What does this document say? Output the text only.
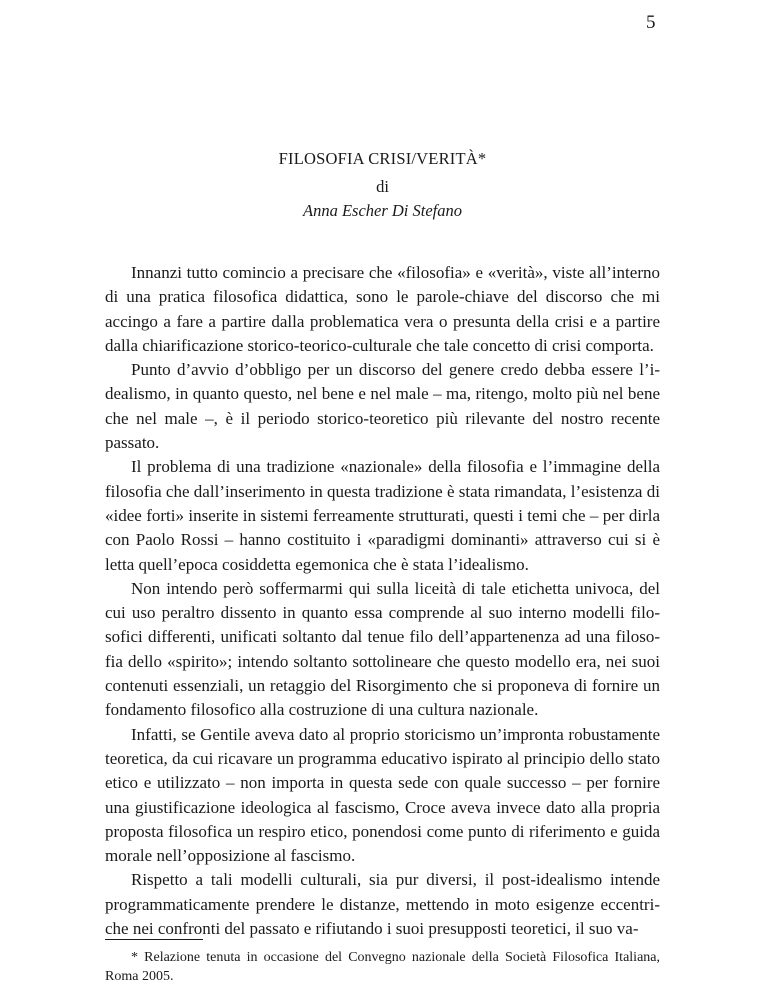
5
FILOSOFIA CRISI/VERITÀ*
di
Anna Escher Di Stefano

Innanzi tutto comincio a precisare che «filosofia» e «verità», viste all’interno di una pratica filosofica didattica, sono le parole-chiave del discorso che mi accingo a fare a partire dalla problematica vera o presunta della crisi e a partire dalla chiarificazione storico-teorico-culturale che tale concetto di crisi comporta.

Punto d’avvio d’obbligo per un discorso del genere credo debba essere l’idealismo, in quanto questo, nel bene e nel male – ma, ritengo, molto più nel bene che nel male –, è il periodo storico-teoretico più rilevante del nostro recente passato.

Il problema di una tradizione «nazionale» della filosofia e l’immagine della filosofia che dall’inserimento in questa tradizione è stata rimandata, l’esistenza di «idee forti» inserite in sistemi ferreamente strutturati, questi i temi che – per dirla con Paolo Rossi – hanno costituito i «paradigmi dominanti» attraverso cui si è letta quell’epoca cosiddetta egemonica che è stata l’idealismo.

Non intendo però soffermarmi qui sulla liceità di tale etichetta univoca, del cui uso peraltro dissento in quanto essa comprende al suo interno modelli filosofici differenti, unificati soltanto dal tenue filo dell’appartenenza ad una filosofia dello «spirito»; intendo soltanto sottolineare che questo modello era, nei suoi contenuti essenziali, un retaggio del Risorgimento che si proponeva di fornire un fondamento filosofico alla costruzione di una cultura nazionale.

Infatti, se Gentile aveva dato al proprio storicismo un’impronta robustamente teoretica, da cui ricavare un programma educativo ispirato al principio dello stato etico e utilizzato – non importa in questa sede con quale successo – per fornire una giustificazione ideologica al fascismo, Croce aveva invece dato alla propria proposta filosofica un respiro etico, ponendosi come punto di riferimento e guida morale nell’opposizione al fascismo.

Rispetto a tali modelli culturali, sia pur diversi, il post-idealismo intende programmaticamente prendere le distanze, mettendo in moto esigenze eccentriche nei confronti del passato e rifiutando i suoi presupposti teoretici, il suo va-

* Relazione tenuta in occasione del Convegno nazionale della Società Filosofica Italiana, Roma 2005.
